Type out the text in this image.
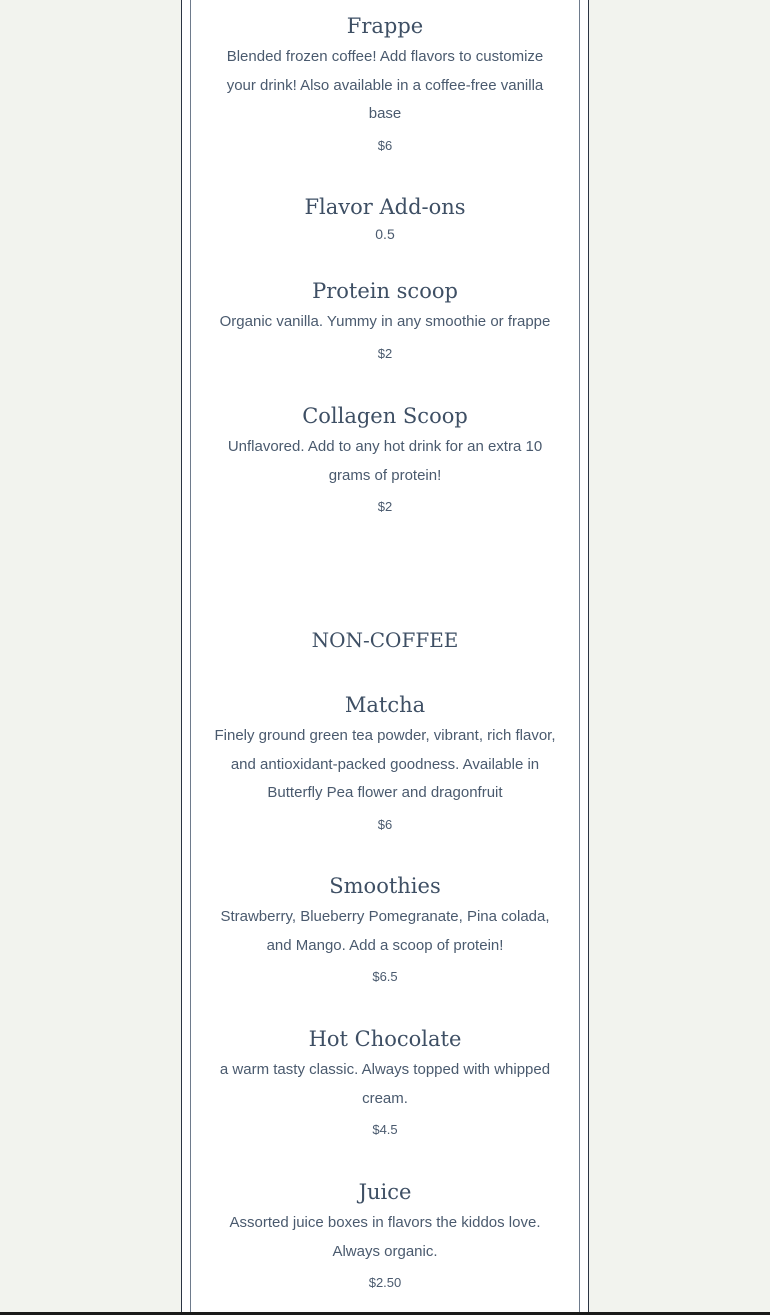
Frappe

Blended frozen coffee! Add flavors to customize your drink! Also available in a coffee-free vanilla base

$6
Flavor Add-ons
0.5
Protein scoop

Organic vanilla. Yummy in any smoothie or frappe

$2
Collagen Scoop

Unflavored. Add to any hot drink for an extra 10 grams of protein!

$2
NON-COFFEE
Matcha

Finely ground green tea powder, vibrant, rich flavor, and antioxidant-packed goodness. Available in Butterfly Pea flower and dragonfruit

$6
Smoothies

Strawberry, Blueberry Pomegranate, Pina colada, and Mango. Add a scoop of protein!

$6.5
Hot Chocolate

a warm tasty classic. Always topped with whipped cream.

$4.5
Juice

Assorted juice boxes in flavors the kiddos love. Always organic.

$2.50
